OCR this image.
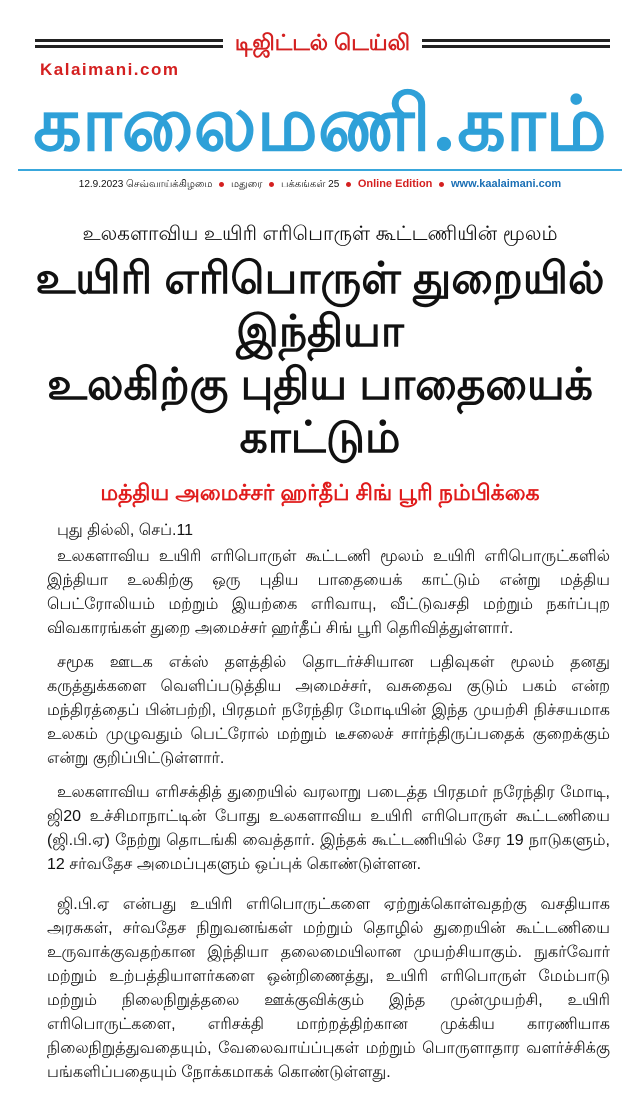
டிஜிட்டல் டெய்லி
Kalaimani.com
காலைமணி.காம்
12.9.2023 செவ்வாய்க்கிழமை மதுரை பக்கங்கள் 25 Online Edition www.kaalaimani.com
உலகளாவிய உயிரி எரிபொருள் கூட்டணியின் மூலம்
உயிரி எரிபொருள் துறையில் இந்தியா
உலகிற்கு புதிய பாதையைக் காட்டும்
மத்திய அமைச்சர் ஹர்தீப் சிங் பூரி நம்பிக்கை
புது தில்லி, செப்.11

உலகளாவிய உயிரி எரிபொருள் கூட்டணி மூலம் உயிரி எரிபொருட்களில் இந்தியா உலகிற்கு ஒரு புதிய பாதையைக் காட்டும் என்று மத்திய பெட்ரோலியம் மற்றும் இயற்கை எரிவாயு, வீட்டுவசதி மற்றும் நகர்ப்புற விவகாரங்கள் துறை அமைச்சர் ஹர்தீப் சிங் பூரி தெரிவித்துள்ளார்.

சமூக ஊடக எக்ஸ் தளத்தில் தொடர்ச்சியான பதிவுகள் மூலம் தனது கருத்துக்களை வெளிப்படுத்திய அமைச்சர், வசுதைவ குடும் பகம் என்ற மந்திரத்தைப் பின்பற்றி, பிரதமர் நரேந்திர மோடியின் இந்த முயற்சி நிச்சயமாக உலகம் முழுவதும் பெட்ரோல் மற்றும் டீசலைச் சார்ந்திருப்பதைக் குறைக்கும் என்று குறிப்பிட்டுள்ளார்.

உலகளாவிய எரிசக்தித் துறையில் வரலாறு படைத்த பிரதமர் நரேந்திர மோடி, ஜி20 உச்சிமாநாட்டின் போது உலகளாவிய உயிரி எரிபொருள் கூட்டணியை (ஜி.பி.ஏ) நேற்று தொடங்கி வைத்தார். இந்தக் கூட்டணியில் சேர 19 நாடுகளும், 12 சர்வதேச அமைப்புகளும் ஒப்புக் கொண்டுள்ளன.

ஜி.பி.ஏ என்பது உயிரி எரிபொருட்களை ஏற்றுக்கொள்வதற்கு வசதியாக அரசுகள், சர்வதேச நிறுவனங்கள் மற்றும் தொழில் துறையின் கூட்டணியை உருவாக்குவதற்கான இந்தியா தலைமையிலான முயற்சியாகும். நுகர்வோர் மற்றும் உற்பத்தியாளர்களை ஒன்றிணைத்து, உயிரி எரிபொருள் மேம்பாடு மற்றும் நிலைநிறுத்தலை ஊக்குவிக்கும் இந்த முன்முயற்சி, உயிரி எரிபொருட்களை, எரிசக்தி மாற்றத்திற்கான முக்கிய காரணியாக நிலைநிறுத்துவதையும், வேலைவாய்ப்புகள் மற்றும் பொருளாதார வளர்ச்சிக்கு பங்களிப்பதையும் நோக்கமாகக் கொண்டுள்ளது.
